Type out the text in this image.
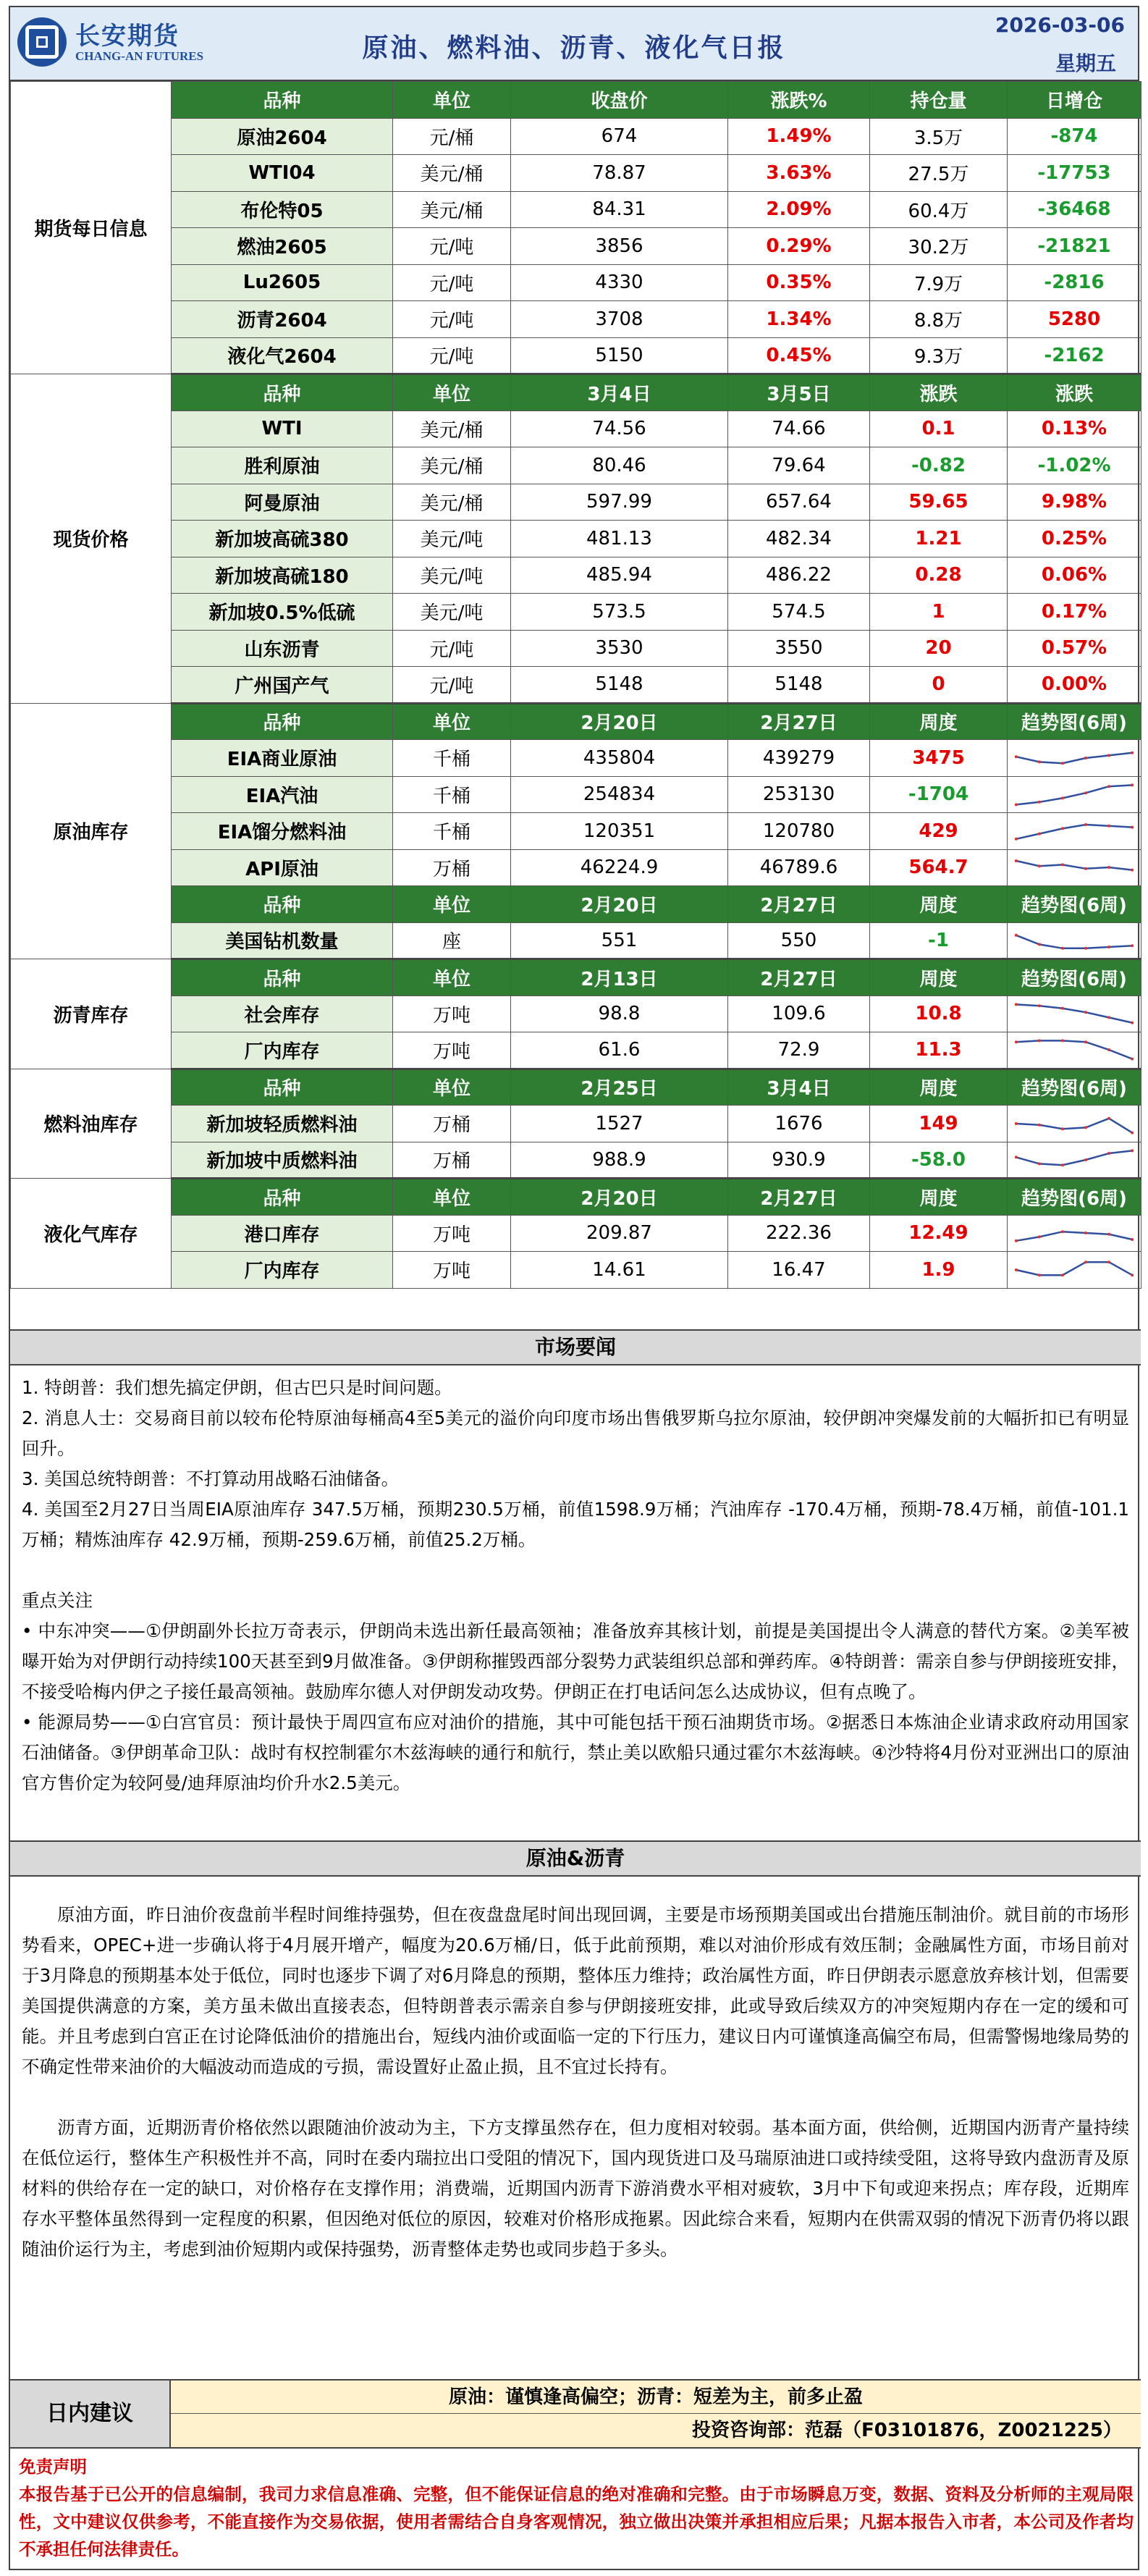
长安期货
CHANG-AN FUTURES	原油、燃料油、沥青、液化气日报
2026-03-06
星期五
期货每日信息	品种	单位	收盘价	涨跌%	持仓量	日增仓
	原油2604	元/桶	674	1.49%	3.5万	-874
	WTI04	美元/桶	78.87	3.63%	27.5万	-17753
	布伦特05	美元/桶	84.31	2.09%	60.4万	-36468
	燃油2605	元/吨	3856	0.29%	30.2万	-21821
	Lu2605	元/吨	4330	0.35%	7.9万	-2816
	沥青2604	元/吨	3708	1.34%	8.8万	5280
	液化气2604	元/吨	5150	0.45%	9.3万	-2162
现货价格	品种	单位	3月4日	3月5日	涨跌	涨跌
	WTI	美元/桶	74.56	74.66	0.1	0.13%
	胜利原油	美元/桶	80.46	79.64	-0.82	-1.02%
	阿曼原油	美元/桶	597.99	657.64	59.65	9.98%
	新加坡高硫380	美元/吨	481.13	482.34	1.21	0.25%
	新加坡高硫180	美元/吨	485.94	486.22	0.28	0.06%
	新加坡0.5%低硫	美元/吨	573.5	574.5	1	0.17%
	山东沥青	元/吨	3530	3550	20	0.57%
	广州国产气	元/吨	5148	5148	0	0.00%
原油库存	品种	单位	2月20日	2月27日	周度	趋势图(6周)
	EIA商业原油	千桶	435804	439279	3475	

	EIA汽油	千桶	254834	253130	-1704	

	EIA馏分燃料油	千桶	120351	120780	429	

	API原油	万桶	46224.9	46789.6	564.7	

	品种	单位	2月20日	2月27日	周度	趋势图(6周)
	美国钻机数量	座	551	550	-1	

沥青库存	品种	单位	2月13日	2月27日	周度	趋势图(6周)
	社会库存	万吨	98.8	109.6	10.8	

	厂内库存	万吨	61.6	72.9	11.3	

燃料油库存	品种	单位	2月25日	3月4日	周度	趋势图(6周)
	新加坡轻质燃料油	万桶	1527	1676	149	

	新加坡中质燃料油	万桶	988.9	930.9	-58.0	

液化气库存	品种	单位	2月20日	2月27日	周度	趋势图(6周)
	港口库存	万吨	209.87	222.36	12.49	

	厂内库存	万吨	14.61	16.47	1.9	
市场要闻

1. 特朗普：我们想先搞定伊朗，但古巴只是时间问题。

2. 消息人士：交易商目前以较布伦特原油每桶高4至5美元的溢价向印度市场出售俄罗斯乌拉尔原油，较伊朗冲突爆发前的大幅折扣已有明显回升。

3. 美国总统特朗普：不打算动用战略石油储备。

4. 美国至2月27日当周EIA原油库存 347.5万桶，预期230.5万桶，前值1598.9万桶；汽油库存 -170.4万桶，预期-78.4万桶，前值-101.1万桶；精炼油库存 42.9万桶，预期-259.6万桶，前值25.2万桶。

重点关注

• 中东冲突——①伊朗副外长拉万奇表示，伊朗尚未选出新任最高领袖；准备放弃其核计划，前提是美国提出令人满意的替代方案。②美军被曝开始为对伊朗行动持续100天甚至到9月做准备。③伊朗称摧毁西部分裂势力武装组织总部和弹药库。④特朗普：需亲自参与伊朗接班安排，不接受哈梅内伊之子接任最高领袖。鼓励库尔德人对伊朗发动攻势。伊朗正在打电话问怎么达成协议，但有点晚了。

• 能源局势——①白宫官员：预计最快于周四宣布应对油价的措施，其中可能包括干预石油期货市场。②据悉日本炼油企业请求政府动用国家石油储备。③伊朗革命卫队：战时有权控制霍尔木兹海峡的通行和航行，禁止美以欧船只通过霍尔木兹海峡。④沙特将4月份对亚洲出口的原油官方售价定为较阿曼/迪拜原油均价升水2.5美元。

原油&沥青

原油方面，昨日油价夜盘前半程时间维持强势，但在夜盘盘尾时间出现回调，主要是市场预期美国或出台措施压制油价。就目前的市场形势看来，OPEC+进一步确认将于4月展开增产，幅度为20.6万桶/日，低于此前预期，难以对油价形成有效压制；金融属性方面，市场目前对于3月降息的预期基本处于低位，同时也逐步下调了对6月降息的预期，整体压力维持；政治属性方面，昨日伊朗表示愿意放弃核计划，但需要美国提供满意的方案，美方虽未做出直接表态，但特朗普表示需亲自参与伊朗接班安排，此或导致后续双方的冲突短期内存在一定的缓和可能。并且考虑到白宫正在讨论降低油价的措施出台，短线内油价或面临一定的下行压力，建议日内可谨慎逢高偏空布局，但需警惕地缘局势的不确定性带来油价的大幅波动而造成的亏损，需设置好止盈止损，且不宜过长持有。

沥青方面，近期沥青价格依然以跟随油价波动为主，下方支撑虽然存在，但力度相对较弱。基本面方面，供给侧，近期国内沥青产量持续在低位运行，整体生产积极性并不高，同时在委内瑞拉出口受阻的情况下，国内现货进口及马瑞原油进口或持续受阻，这将导致内盘沥青及原材料的供给存在一定的缺口，对价格存在支撑作用；消费端，近期国内沥青下游消费水平相对疲软，3月中下旬或迎来拐点；库存段，近期库存水平整体虽然得到一定程度的积累，但因绝对低位的原因，较难对价格形成拖累。因此综合来看，短期内在供需双弱的情况下沥青仍将以跟随油价运行为主，考虑到油价短期内或保持强势，沥青整体走势也或同步趋于多头。

日内建议
原油：谨慎逢高偏空；沥青：短差为主，前多止盈
投资咨询部：范磊（F03101876，Z0021225）
免责声明
本报告基于已公开的信息编制，我司力求信息准确、完整，但不能保证信息的绝对准确和完整。由于市场瞬息万变，数据、资料及分析师的主观局限性，文中建议仅供参考，不能直接作为交易依据，使用者需结合自身客观情况，独立做出决策并承担相应后果；凡据本报告入市者，本公司及作者均不承担任何法律责任。
